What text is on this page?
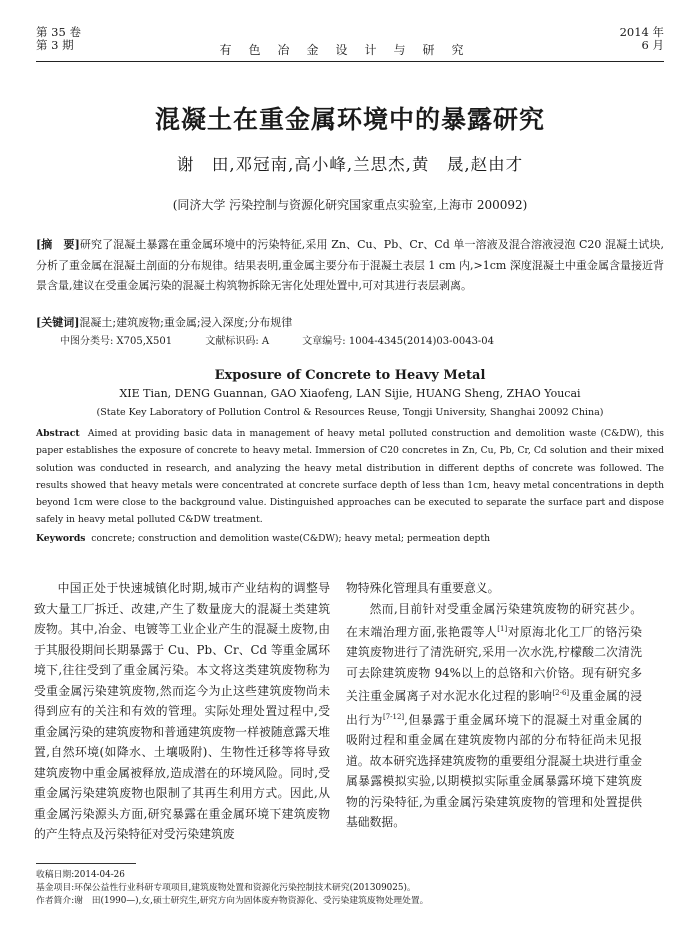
第 35 卷
第 3 期	有色冶金设计与研究
2014 年
6 月
混凝土在重金属环境中的暴露研究
谢　田,邓冠南,高小峰,兰思杰,黄　晟,赵由才
(同济大学 污染控制与资源化研究国家重点实验室,上海市 200092)
[摘　要]研究了混凝土暴露在重金属环境中的污染特征,采用 Zn、Cu、Pb、Cr、Cd 单一溶液及混合溶液浸泡 C20 混凝土试块,分析了重金属在混凝土剖面的分布规律。结果表明,重金属主要分布于混凝土表层 1 cm 内,>1cm 深度混凝土中重金属含量接近背景含量,建议在受重金属污染的混凝土构筑物拆除无害化处理处置中,可对其进行表层剥离。
[关键词]混凝土;建筑废物;重金属;浸入深度;分布规律
中图分类号: X705,X501	文献标识码: A	文章编号: 1004-4345(2014)03-0043-04
Exposure of Concrete to Heavy Metal
XIE Tian, DENG Guannan, GAO Xiaofeng, LAN Sijie, HUANG Sheng, ZHAO Youcai
(State Key Laboratory of Pollution Control & Resources Reuse, Tongji University, Shanghai 20092 China)
Abstract Aimed at providing basic data in management of heavy metal polluted construction and demolition waste (C&DW), this paper establishes the exposure of concrete to heavy metal. Immersion of C20 concretes in Zn, Cu, Pb, Cr, Cd solution and their mixed solution was conducted in research, and analyzing the heavy metal distribution in different depths of concrete was followed. The results showed that heavy metals were concentrated at concrete surface depth of less than 1cm, heavy metal concentrations in depth beyond 1cm were close to the background value. Distinguished approaches can be executed to separate the surface part and dispose safely in heavy metal polluted C&DW treatment.
Keywords concrete; construction and demolition waste(C&DW); heavy metal; permeation depth

中国正处于快速城镇化时期,城市产业结构的调整导致大量工厂拆迁、改建,产生了数量庞大的混凝土类建筑废物。其中,冶金、电镀等工业企业产生的混凝土废物,由于其服役期间长期暴露于 Cu、Pb、Cr、Cd 等重金属环境下,往往受到了重金属污染。本文将这类建筑废物称为受重金属污染建筑废物,然而迄今为止这些建筑废物尚未得到应有的关注和有效的管理。实际处理处置过程中,受重金属污染的建筑废物和普通建筑废物一样被随意露天堆置,自然环境(如降水、土壤吸附)、生物性迁移等将导致建筑废物中重金属被释放,造成潜在的环境风险。同时,受重金属污染建筑废物也限制了其再生利用方式。因此,从重金属污染源头方面,研究暴露在重金属环境下建筑废物的产生特点及污染特征对受污染建筑废

物特殊化管理具有重要意义。

然而,目前针对受重金属污染建筑废物的研究甚少。在末端治理方面,张艳霞等人[1]对原海北化工厂的铬污染建筑废物进行了清洗研究,采用一次水洗,柠檬酸二次清洗可去除建筑废物 94%以上的总铬和六价铬。现有研究多关注重金属离子对水泥水化过程的影响[2-6]及重金属的浸出行为[7-12],但暴露于重金属环境下的混凝土对重金属的吸附过程和重金属在建筑废物内部的分布特征尚未见报道。故本研究选择建筑废物的重要组分混凝土块进行重金属暴露模拟实验,以期模拟实际重金属暴露环境下建筑废物的污染特征,为重金属污染建筑废物的管理和处置提供基础数据。

收稿日期:2014-04-26
基金项目:环保公益性行业科研专项项目,建筑废物处置和资源化污染控制技术研究(201309025)。
作者简介:谢　田(1990—),女,硕士研究生,研究方向为固体废弃物资源化、受污染建筑废物处理处置。
